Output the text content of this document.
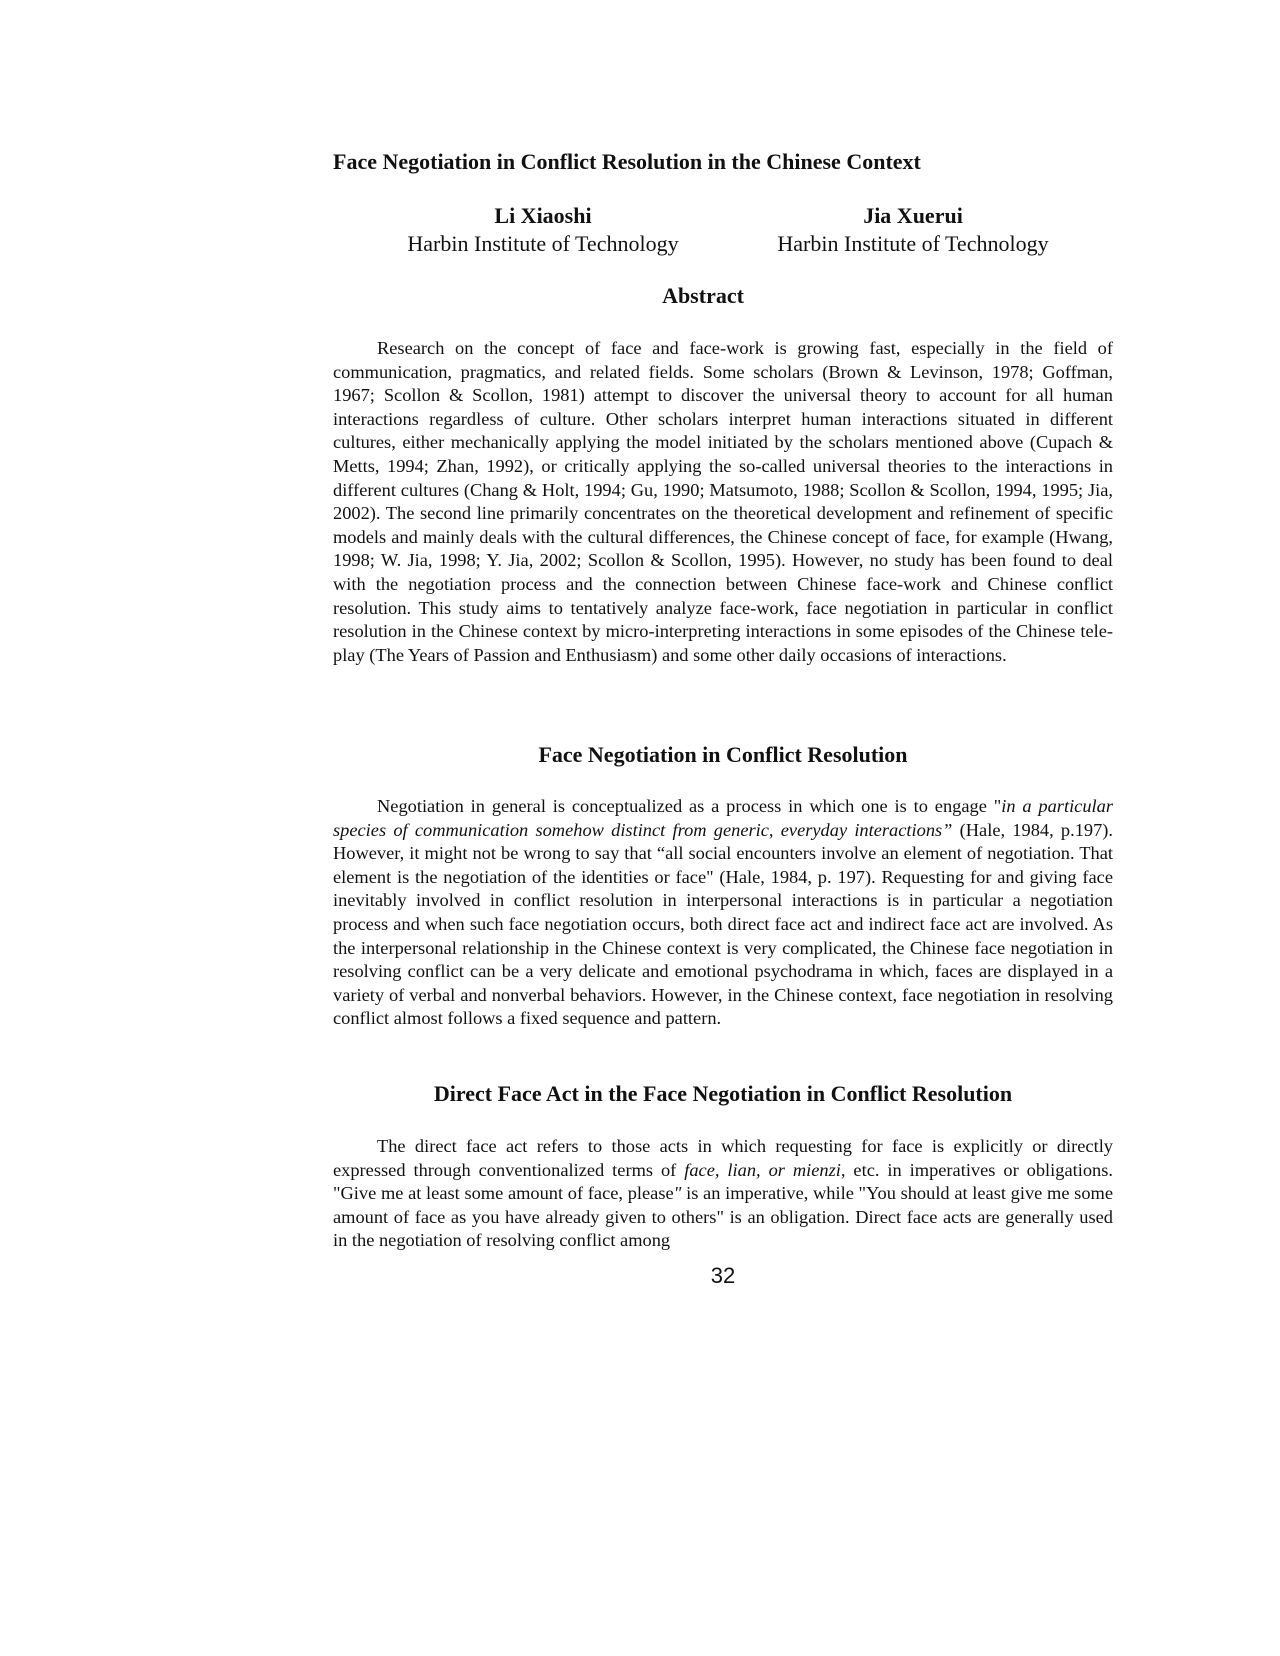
Face Negotiation in Conflict Resolution in the Chinese Context
Li Xiaoshi
Harbin Institute of Technology
Jia Xuerui
Harbin Institute of Technology
Abstract

Research on the concept of face and face-work is growing fast, especially in the field of communication, pragmatics, and related fields. Some scholars (Brown & Levinson, 1978; Goffman, 1967; Scollon & Scollon, 1981) attempt to discover the universal theory to account for all human interactions regardless of culture. Other scholars interpret human interactions situated in different cultures, either mechanically applying the model initiated by the scholars mentioned above (Cupach & Metts, 1994; Zhan, 1992), or critically applying the so-called universal theories to the interactions in different cultures (Chang & Holt, 1994; Gu, 1990; Matsumoto, 1988; Scollon & Scollon, 1994, 1995; Jia, 2002). The second line primarily concentrates on the theoretical development and refinement of specific models and mainly deals with the cultural differences, the Chinese concept of face, for example (Hwang, 1998; W. Jia, 1998; Y. Jia, 2002; Scollon & Scollon, 1995). However, no study has been found to deal with the negotiation process and the connection between Chinese face-work and Chinese conflict resolution. This study aims to tentatively analyze face-work, face negotiation in particular in conflict resolution in the Chinese context by micro-interpreting interactions in some episodes of the Chinese tele-play (The Years of Passion and Enthusiasm) and some other daily occasions of interactions.

Face Negotiation in Conflict Resolution

Negotiation in general is conceptualized as a process in which one is to engage "in a particular species of communication somehow distinct from generic, everyday interactions” (Hale, 1984, p.197). However, it might not be wrong to say that “all social encounters involve an element of negotiation. That element is the negotiation of the identities or face" (Hale, 1984, p. 197). Requesting for and giving face inevitably involved in conflict resolution in interpersonal interactions is in particular a negotiation process and when such face negotiation occurs, both direct face act and indirect face act are involved. As the interpersonal relationship in the Chinese context is very complicated, the Chinese face negotiation in resolving conflict can be a very delicate and emotional psychodrama in which, faces are displayed in a variety of verbal and nonverbal behaviors. However, in the Chinese context, face negotiation in resolving conflict almost follows a fixed sequence and pattern.

Direct Face Act in the Face Negotiation in Conflict Resolution

The direct face act refers to those acts in which requesting for face is explicitly or directly expressed through conventionalized terms of face, lian, or mienzi, etc. in imperatives or obligations. "Give me at least some amount of face, please" is an imperative, while "You should at least give me some amount of face as you have already given to others" is an obligation. Direct face acts are generally used in the negotiation of resolving conflict among

32
